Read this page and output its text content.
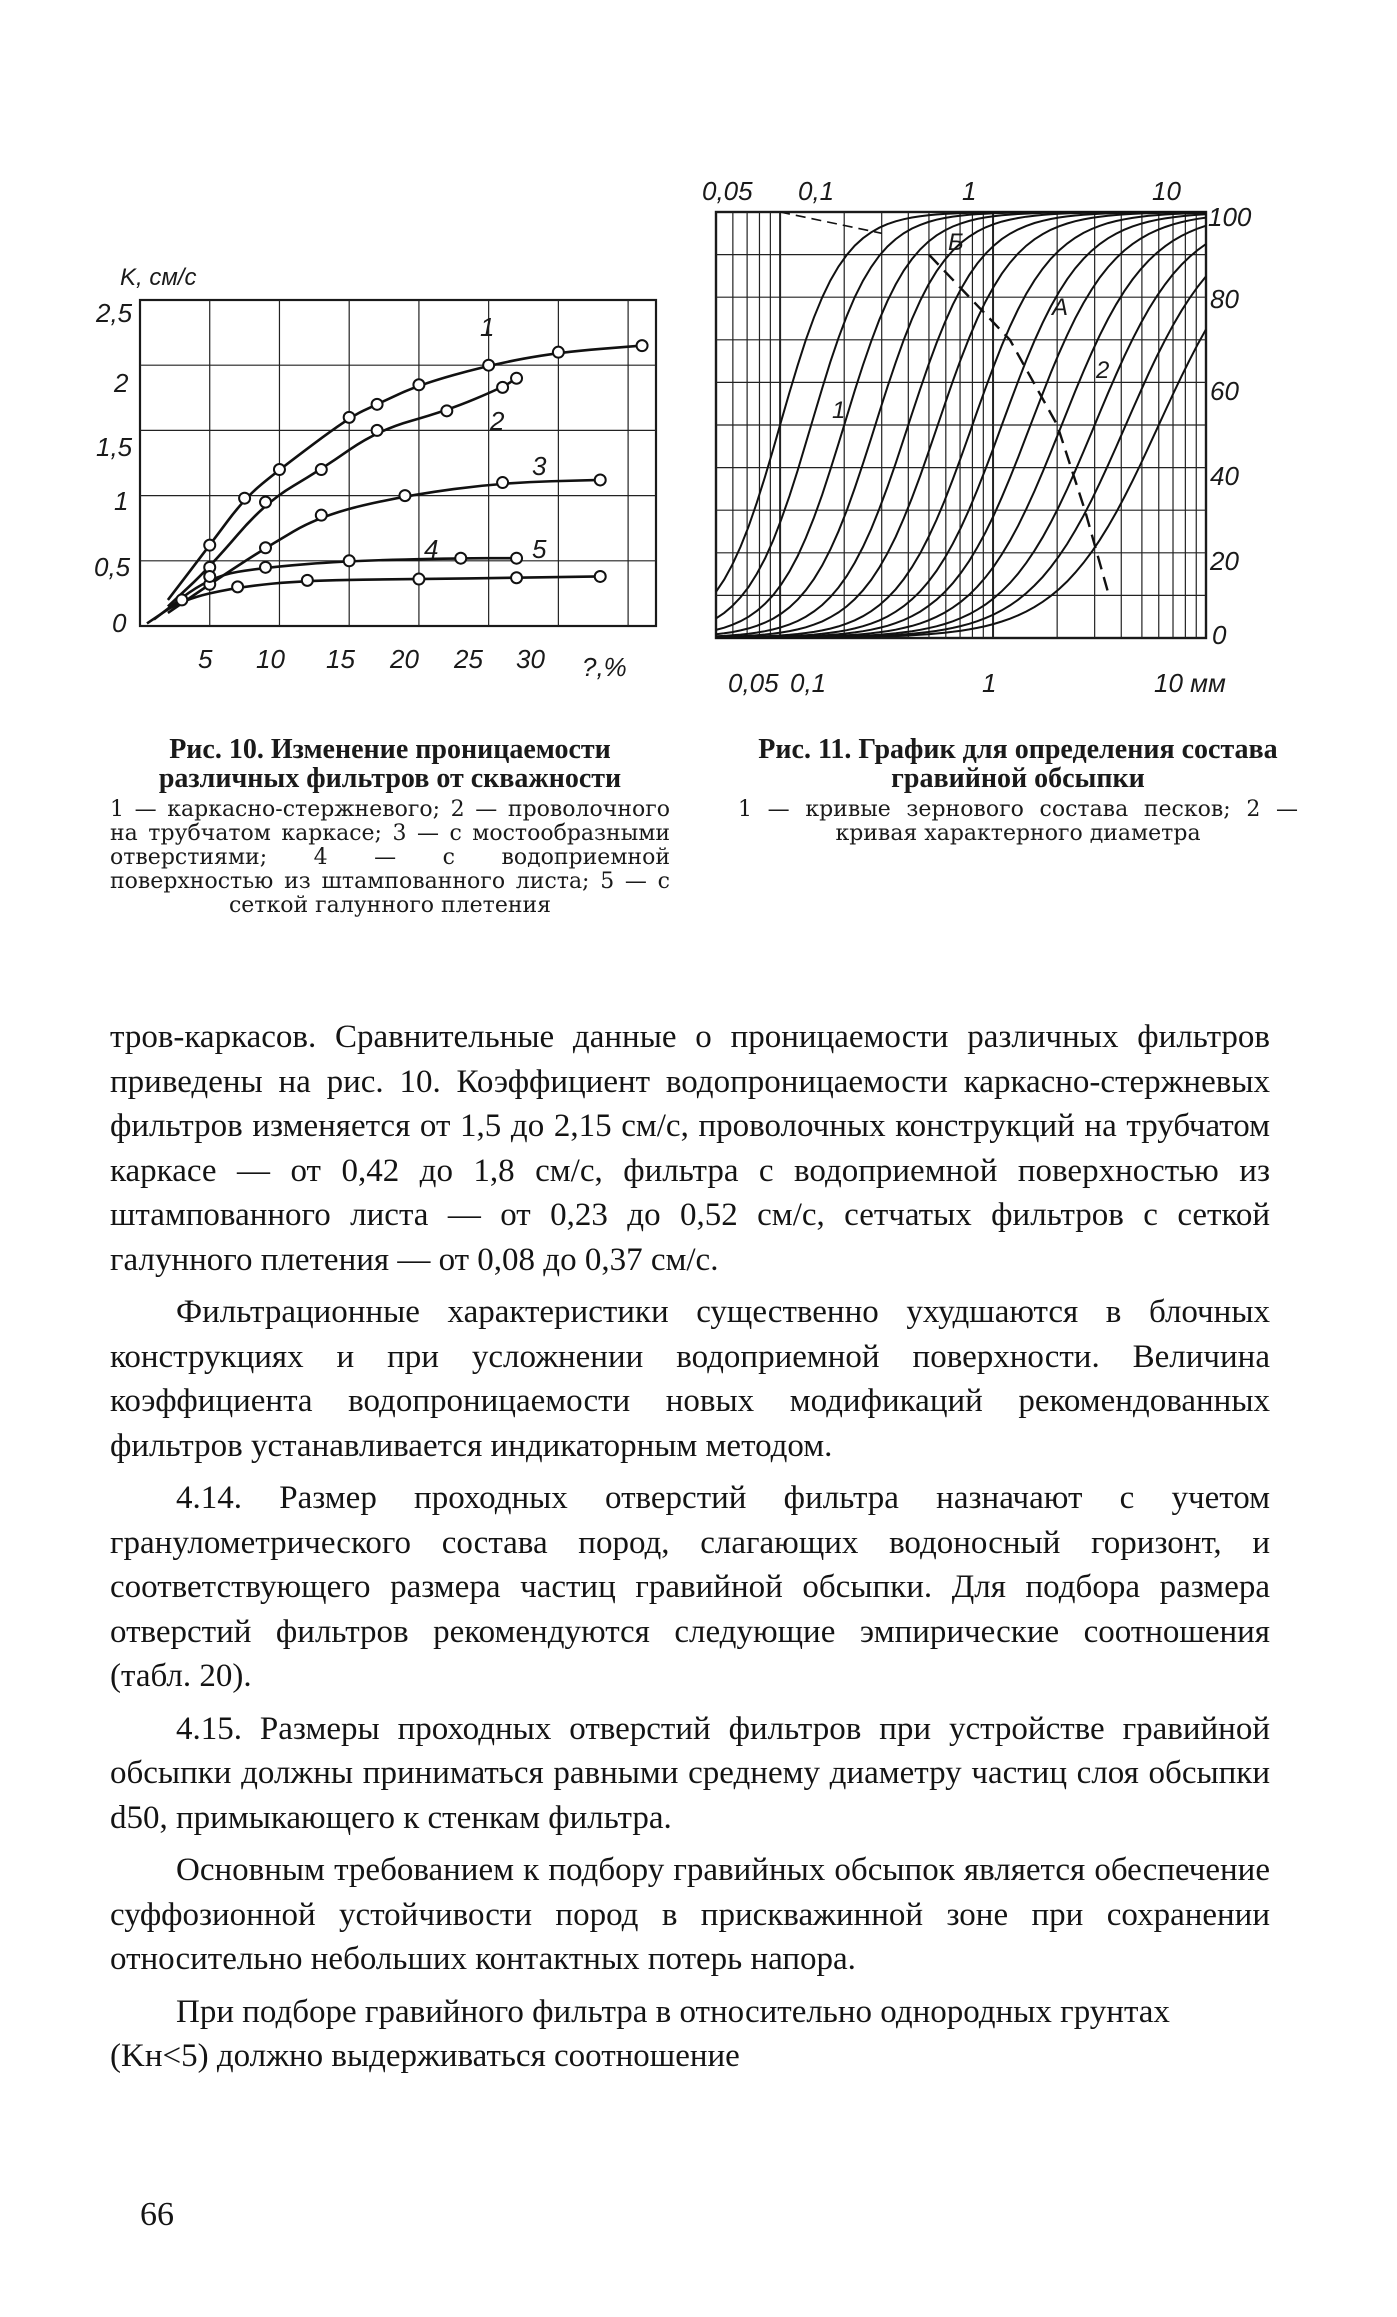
0
0,5
1
1,5
2
2,5
K, см/с
5 10 15 20 25 30 ?,%
1
2
3
4	5
Рис. 10. Изменение проницаемости различных фильтров от скважности
1 — каркасно-стержневого; 2 — проволочного на трубчатом каркасе; 3 — с мостообразными отверстиями; 4 — с водоприемной поверхностью из штампованного листа; 5 — с сеткой галунного плетения
0,05 0,1	1	10
0,05 0,1	1	10 мм
100
80
60
40
20
0
Б
А
2
1
Рис. 11. График для определения состава гравийной обсыпки
1 — кривые зернового состава песков; 2 — кривая характерного диаметра

тров-каркасов. Сравнительные данные о проницаемости различных фильтров приведены на рис. 10. Коэффициент водопроницаемости каркасно-стержневых фильтров изменяется от 1,5 до 2,15 см/с, проволочных конструкций на трубчатом каркасе — от 0,42 до 1,8 см/с, фильтра с водоприемной поверхностью из штампованного листа — от 0,23 до 0,52 см/с, сетчатых фильтров с сеткой галунного плетения — от 0,08 до 0,37 см/с.

Фильтрационные характеристики существенно ухудшаются в блочных конструкциях и при усложнении водоприемной поверхности. Величина коэффициента водопроницаемости новых модификаций рекомендованных фильтров устанавливается индикаторным методом.

4.14. Размер проходных отверстий фильтра назначают с учетом гранулометрического состава пород, слагающих водоносный горизонт, и соответствующего размера частиц гравийной обсыпки. Для подбора размера отверстий фильтров рекомендуются следующие эмпирические соотношения (табл. 20).

4.15. Размеры проходных отверстий фильтров при устройстве гравийной обсыпки должны приниматься равными среднему диаметру частиц слоя обсыпки d50, примыкающего к стенкам фильтра.

Основным требованием к подбору гравийных обсыпок является обеспечение суффозионной устойчивости пород в прискважинной зоне при сохранении относительно небольших контактных потерь напора.

При подборе гравийного фильтра в относительно однородных грунтах (Kн<5) должно выдерживаться соотношение

66
